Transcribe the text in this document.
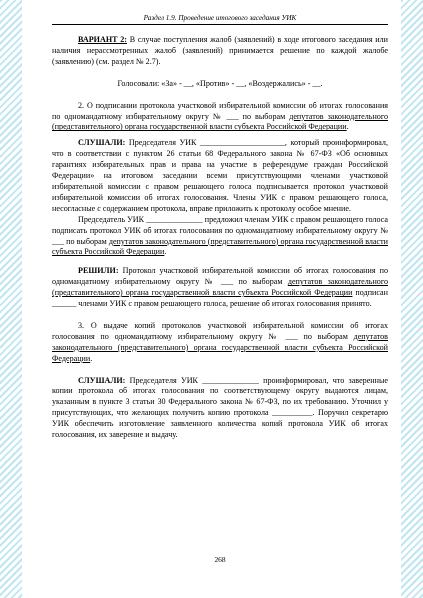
Раздел 1.9. Проведение итогового заседания УИК

ВАРИАНТ 2: В случае поступления жалоб (заявлений) в ходе итогового заседания или наличия нерассмотренных жалоб (заявлений) принимается решение по каждой жалобе (заявлению) (см. раздел № 2.7).

Голосовали: «За» - __, «Против» - __, «Воздержались» - __.

2. О подписании протокола участковой избирательной комиссии об итогах голосования по одномандатному избирательному округу № ___ по выборам депутатов законодательного (представительного) органа государственной власти субъекта Российской Федерации.

СЛУШАЛИ: Председателя УИК _____________________, который проинформировал, что в соответствии с пунктом 26 статьи 68 Федерального закона № 67-ФЗ «Об основных гарантиях избирательных прав и права на участие в референдуме граждан Российской Федерации» на итоговом заседании всеми присутствующими членами участковой избирательной комиссии с правом решающего голоса подписывается протокол участковой избирательной комиссии об итогах голосования. Члены УИК с правом решающего голоса, несогласные с содержанием протокола, вправе приложить к протоколу особое мнение.

Председатель УИК ______________ предложил членам УИК с правом решающего голоса подписать протокол УИК об итогах голосования по одномандатному избирательному округу № ___ по выборам депутатов законодательного (представительного) органа государственной власти субъекта Российской Федерации.

РЕШИЛИ: Протокол участковой избирательной комиссии об итогах голосования по одномандатному избирательному округу № ___ по выборам депутатов законодательного (представительного) органа государственной власти субъекта Российской Федерации подписан ______ членами УИК с правом решающего голоса, решение об итогах голосования принято.

3. О выдаче копий протоколов участковой избирательной комиссии об итогах голосования по одномандатному избирательному округу № ___ по выборам депутатов законодательного (представительного) органа государственной власти субъекта Российской Федерации.

СЛУШАЛИ: Председателя УИК ______________ проинформировал, что заверенные копии протокола об итогах голосования по соответствующему округу выдаются лицам, указанным в пункте 3 статьи 30 Федерального закона № 67-ФЗ, по их требованию. Уточнил у присутствующих, что желающих получить копию протокола __________. Поручил секретарю УИК обеспечить изготовление заявленного количества копий протокола УИК об итогах голосования, их заверение и выдачу.

268
